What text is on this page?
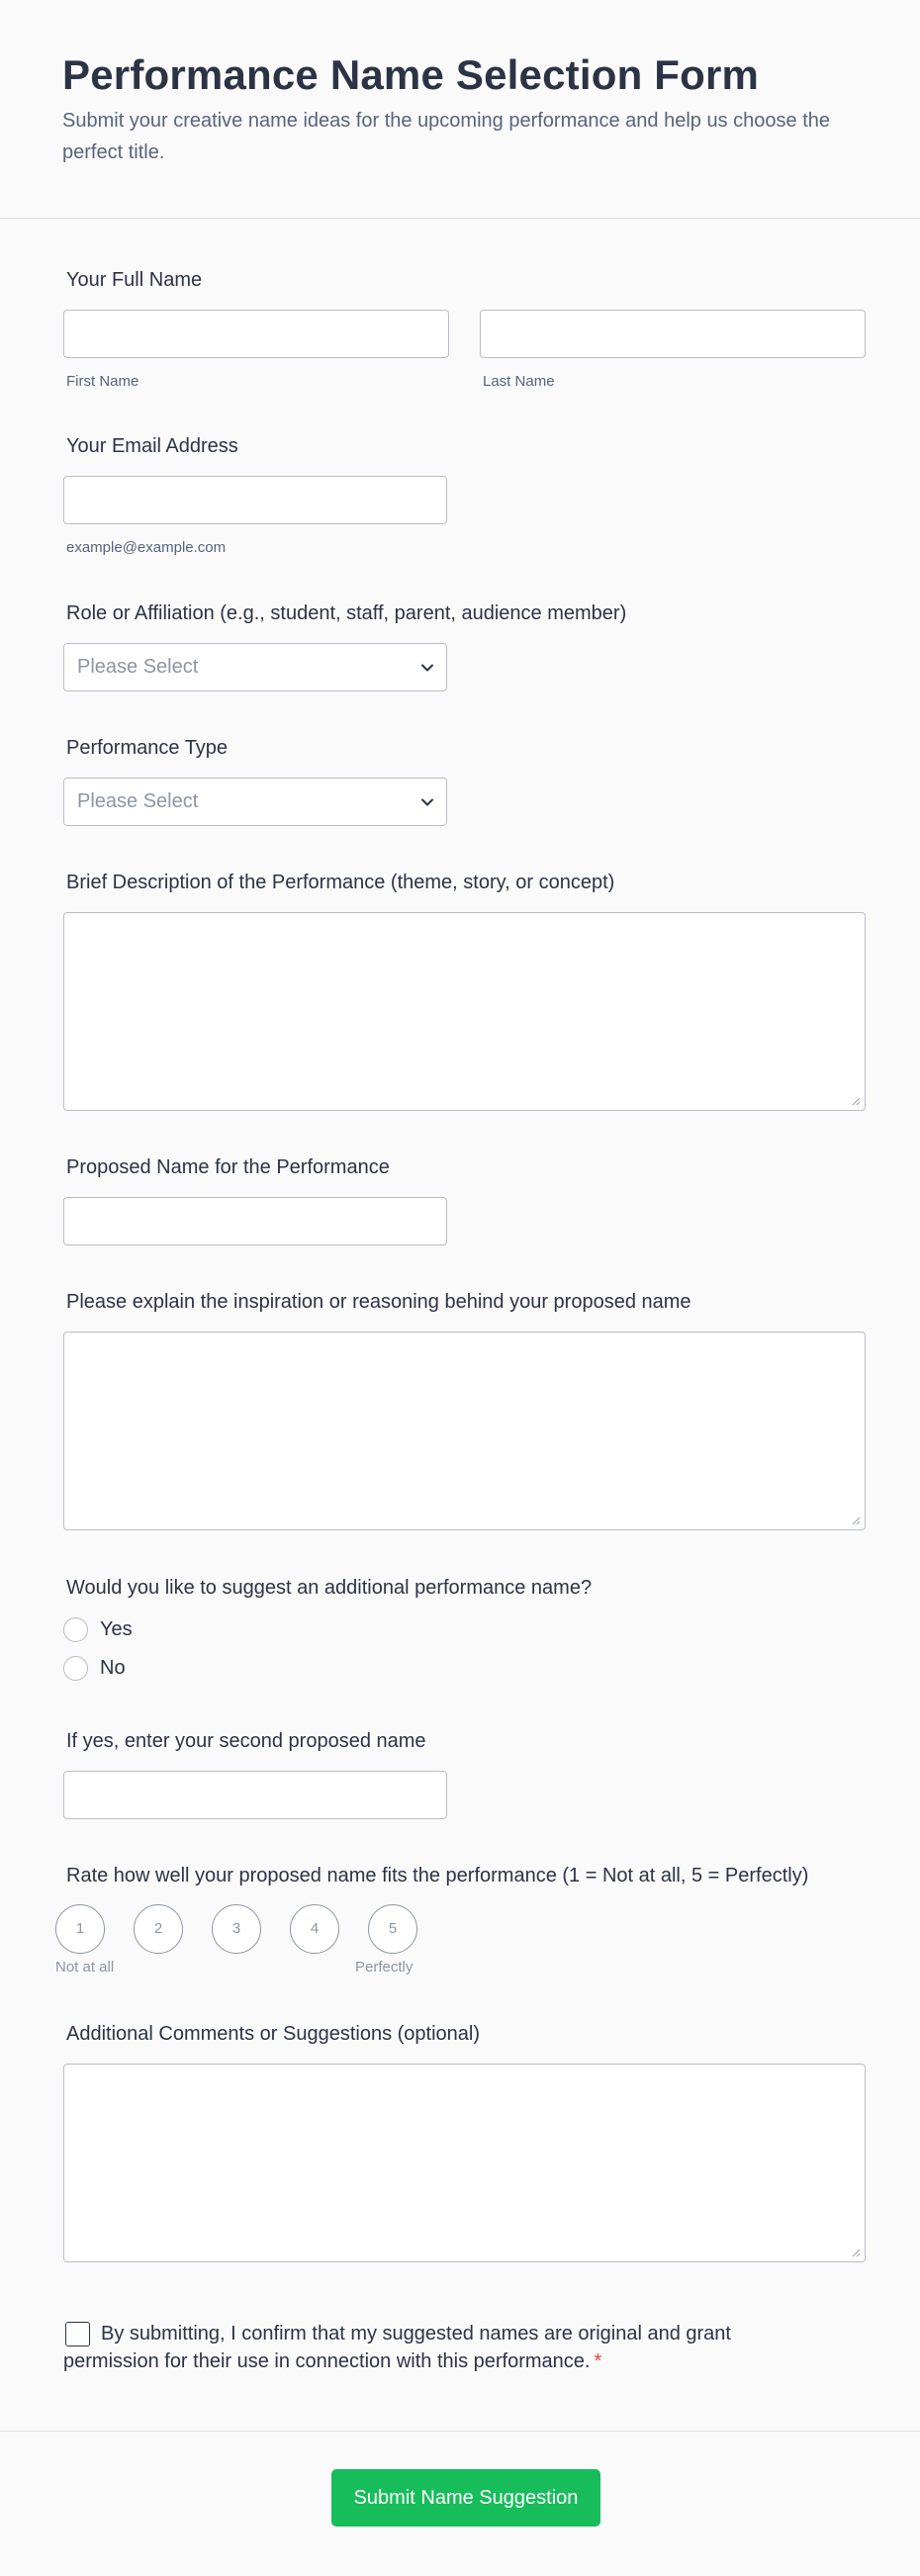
Performance Name Selection Form
Submit your creative name ideas for the upcoming performance and help us choose the perfect title.
Your Full Name
First Name	Last Name
Your Email Address
example@example.com
Role or Affiliation (e.g., student, staff, parent, audience member)
Please Select
Performance Type
Please Select
Brief Description of the Performance (theme, story, or concept)
Proposed Name for the Performance
Please explain the inspiration or reasoning behind your proposed name
Would you like to suggest an additional performance name?
Yes
No
If yes, enter your second proposed name
Rate how well your proposed name fits the performance (1 = Not at all, 5 = Perfectly)
1	2	3	4	5
Not at all	Perfectly
Additional Comments or Suggestions (optional)
By submitting, I confirm that my suggested names are original and grant permission for their use in connection with this performance. *
Submit Name Suggestion
